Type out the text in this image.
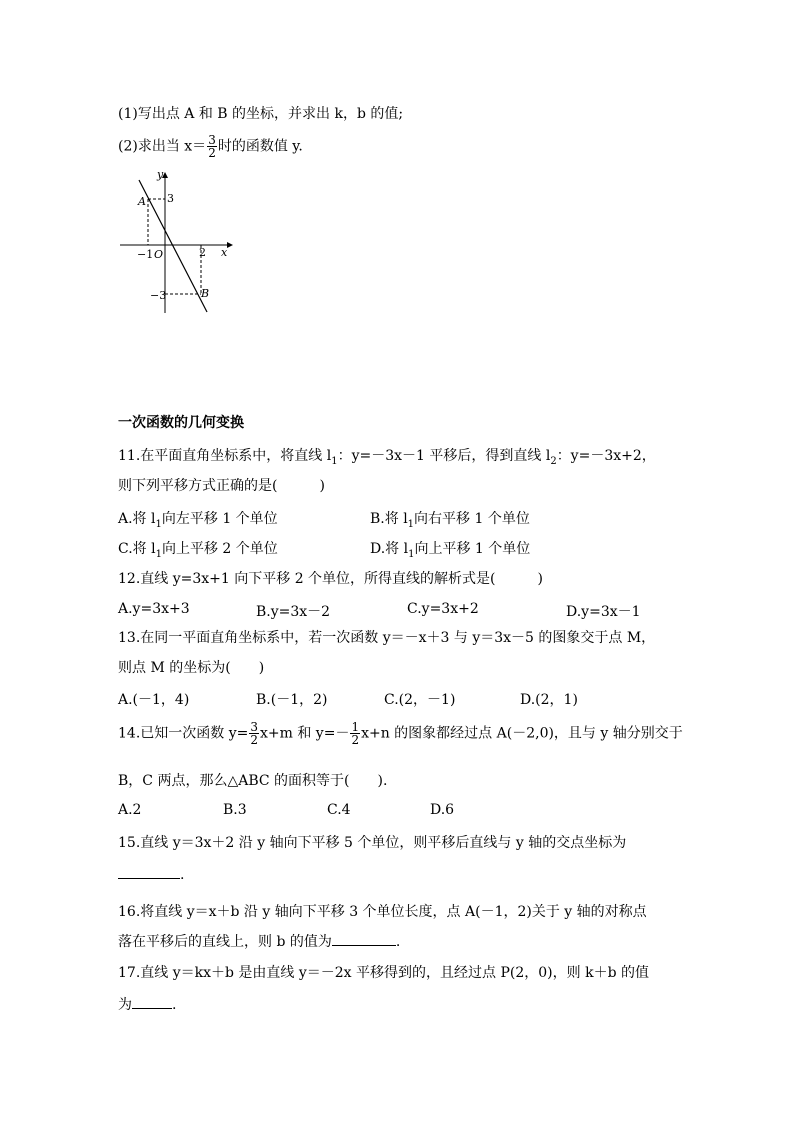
(1)写出点 A 和 B 的坐标，并求出 k，b 的值;
(2)求出当 $x= \frac{3}{2}$ 时的函数值 y.
y
x
O
A
B
3
−3
−1	2
一次函数的几何变换
11.在平面直角坐标系中，将直线 $l_1$：y=－3x－1 平移后，得到直线 $l_2$：y=－3x+2，
则下列平移方式正确的是(　　　)
A.将 $l_1$向左平移 1 个单位	B.将 $l_1$向右平移 1 个单位
C.将 $l_1$向上平移 2 个单位	D.将 $l_1$向上平移 1 个单位
12.直线 y=3x+1 向下平移 2 个单位，所得直线的解析式是(　　　)
A.y=3x+3	B.y=3x－2	C.y=3x+2	D.y=3x－1
13.在同一平面直角坐标系中，若一次函数 y＝－x＋3 与 y＝3x－5 的图象交于点 M，
则点 M 的坐标为(　　)
A.(－1，4)	B.(－1，2)	C.(2，－1)	D.(2，1)
14.已知一次函数 $y= \frac{3}{2} x+m$ 和 $y=- \frac{1}{2} x+n$ 的图象都经过点 A(－2,0)，且与 y 轴分别交于
B，C 两点，那么△ABC 的面积等于(　　).
A.2	B.3	C.4	D.6
15.直线 y＝3x＋2 沿 y 轴向下平移 5 个单位，则平移后直线与 y 轴的交点坐标为
.
16.将直线 y＝x＋b 沿 y 轴向下平移 3 个单位长度，点 A(－1，2)关于 y 轴的对称点
落在平移后的直线上，则 b 的值为	.
17.直线 y＝kx＋b 是由直线 y＝－2x 平移得到的，且经过点 P(2，0)，则 k＋b 的值
为	.
